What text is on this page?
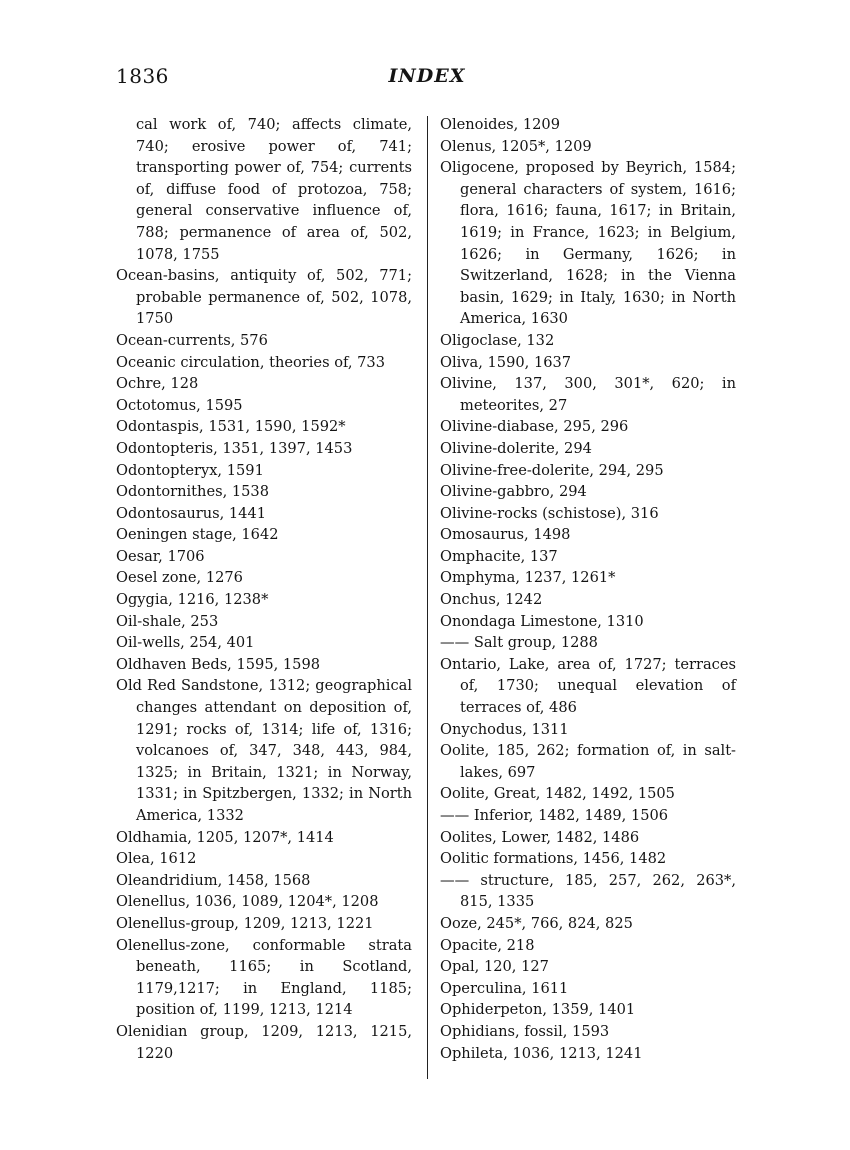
1836	INDEX
cal work of, 740; affects climate, 740; erosive power of, 741; transporting power of, 754; currents of, diffuse food of protozoa, 758; general conservative influence of, 788; permanence of area of, 502, 1078, 1755
Ocean-basins, antiquity of, 502, 771; probable permanence of, 502, 1078, 1750
Ocean-currents, 576
Oceanic circulation, theories of, 733
Ochre, 128
Octotomus, 1595
Odontaspis, 1531, 1590, 1592*
Odontopteris, 1351, 1397, 1453
Odontopteryx, 1591
Odontornithes, 1538
Odontosaurus, 1441
Oeningen stage, 1642
Oesar, 1706
Oesel zone, 1276
Ogygia, 1216, 1238*
Oil-shale, 253
Oil-wells, 254, 401
Oldhaven Beds, 1595, 1598
Old Red Sandstone, 1312; geographical changes attendant on deposition of, 1291; rocks of, 1314; life of, 1316; volcanoes of, 347, 348, 443, 984, 1325; in Britain, 1321; in Norway, 1331; in Spitzbergen, 1332; in North America, 1332
Oldhamia, 1205, 1207*, 1414
Olea, 1612
Oleandridium, 1458, 1568
Olenellus, 1036, 1089, 1204*, 1208
Olenellus-group, 1209, 1213, 1221
Olenellus-zone, conformable strata beneath, 1165; in Scotland, 1179,1217; in England, 1185; position of, 1199, 1213, 1214
Olenidian group, 1209, 1213, 1215, 1220
Olenoides, 1209
Olenus, 1205*, 1209
Oligocene, proposed by Beyrich, 1584; general characters of system, 1616; flora, 1616; fauna, 1617; in Britain, 1619; in France, 1623; in Belgium, 1626; in Germany, 1626; in Switzerland, 1628; in the Vienna basin, 1629; in Italy, 1630; in North America, 1630
Oligoclase, 132
Oliva, 1590, 1637
Olivine, 137, 300, 301*, 620; in meteorites, 27
Olivine-diabase, 295, 296
Olivine-dolerite, 294
Olivine-free-dolerite, 294, 295
Olivine-gabbro, 294
Olivine-rocks (schistose), 316
Omosaurus, 1498
Omphacite, 137
Omphyma, 1237, 1261*
Onchus, 1242
Onondaga Limestone, 1310
—— Salt group, 1288
Ontario, Lake, area of, 1727; terraces of, 1730; unequal elevation of terraces of, 486
Onychodus, 1311
Oolite, 185, 262; formation of, in salt-lakes, 697
Oolite, Great, 1482, 1492, 1505
—— Inferior, 1482, 1489, 1506
Oolites, Lower, 1482, 1486
Oolitic formations, 1456, 1482
—— structure, 185, 257, 262, 263*, 815, 1335
Ooze, 245*, 766, 824, 825
Opacite, 218
Opal, 120, 127
Operculina, 1611
Ophiderpeton, 1359, 1401
Ophidians, fossil, 1593
Ophileta, 1036, 1213, 1241
